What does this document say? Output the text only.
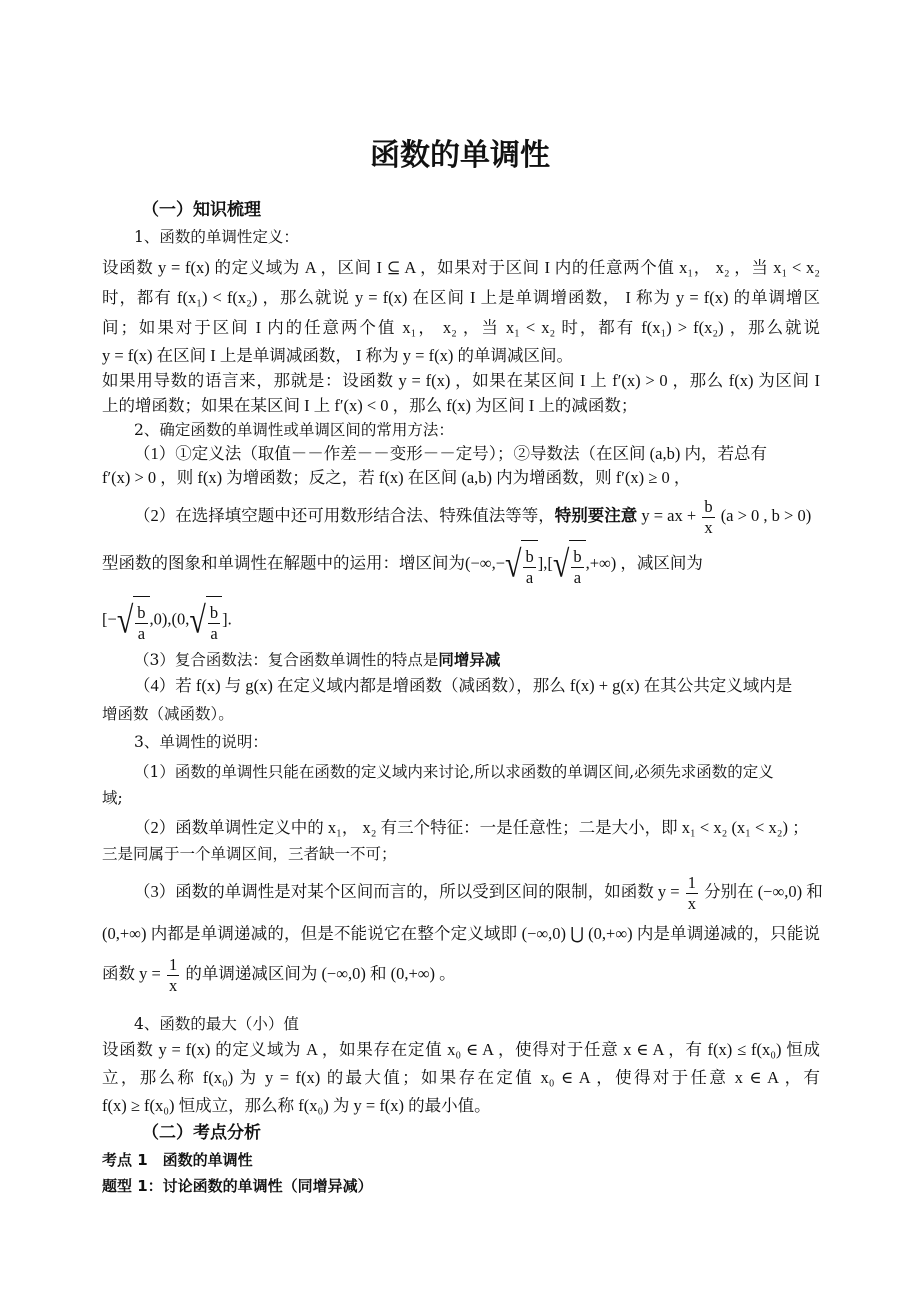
函数的单调性
（一）知识梳理
1、函数的单调性定义：
设函数 y = f(x) 的定义域为 A ，区间 I ⊆ A ，如果对于区间 I 内的任意两个值 x₁， x₂ ，当 x₁ < x₂
时，都有 f(x₁) < f(x₂) ，那么就说 y = f(x) 在区间 I 上是单调增函数， I 称为 y = f(x) 的单调增区
间；如果对于区间 I 内的任意两个值 x₁， x₂ ，当 x₁ < x₂ 时，都有 f(x₁) > f(x₂) ，那么就说
y = f(x) 在区间 I 上是单调减函数， I 称为 y = f(x) 的单调减区间。
如果用导数的语言来，那就是：设函数 y = f(x) ，如果在某区间 I 上 f′(x) > 0 ，那么 f(x) 为区间 I
上的增函数；如果在某区间 I 上 f′(x) < 0 ，那么 f(x) 为区间 I 上的减函数；
2、确定函数的单调性或单调区间的常用方法：
（1）①定义法（取值－－作差－－变形－－定号）；②导数法（在区间 (a,b) 内，若总有
f′(x) > 0 ，则 f(x) 为增函数；反之，若 f(x) 在区间 (a,b) 内为增函数，则 f′(x) ≥ 0 ，
（2）在选择填空题中还可用数形结合法、特殊值法等等，特别要注意 y = ax + $\frac{b}{x} (a > 0$ , b > 0)
型函数的图象和单调性在解题中的运用：增区间为(−∞,−√ $\frac{b}{a}$ ],[√ $\frac{b}{a}$ ,+∞) ，减区间为
[−√ $\frac{b}{a} ,0),(0,√ \frac{b}{a}$ ].
（3）复合函数法：复合函数单调性的特点是同增异减
（4）若 f(x) 与 g(x) 在定义域内都是增函数（减函数），那么 f(x) + g(x) 在其公共定义域内是
增函数（减函数）。
3、单调性的说明：
（1）函数的单调性只能在函数的定义域内来讨论,所以求函数的单调区间,必须先求函数的定义
域;
（2）函数单调性定义中的 x₁， x₂ 有三个特征：一是任意性；二是大小，即 x₁ < x₂ (x₁ < x₂) ；
三是同属于一个单调区间，三者缺一不可；
（3）函数的单调性是对某个区间而言的，所以受到区间的限制，如函数 $y = \frac{1}{x}$ 分别在 (−∞,0) 和
(0,+∞) 内都是单调递减的，但是不能说它在整个定义域即 (−∞,0) ⋃ (0,+∞) 内是单调递减的，只能说
函数 $y = \frac{1}{x}$ 的单调递减区间为 (−∞,0) 和 (0,+∞) 。
4、函数的最大（小）值
设函数 y = f(x) 的定义域为 A ，如果存在定值 x₀ ∈ A ，使得对于任意 x ∈ A ，有 f(x) ≤ f(x₀) 恒成
立，那么称 f(x₀) 为 y = f(x) 的最大值；如果存在定值 x₀ ∈ A ，使得对于任意 x ∈ A ，有
f(x) ≥ f(x₀) 恒成立，那么称 f(x₀) 为 y = f(x) 的最小值。
（二）考点分析
考点 1　函数的单调性
题型 1：讨论函数的单调性（同增异减）
